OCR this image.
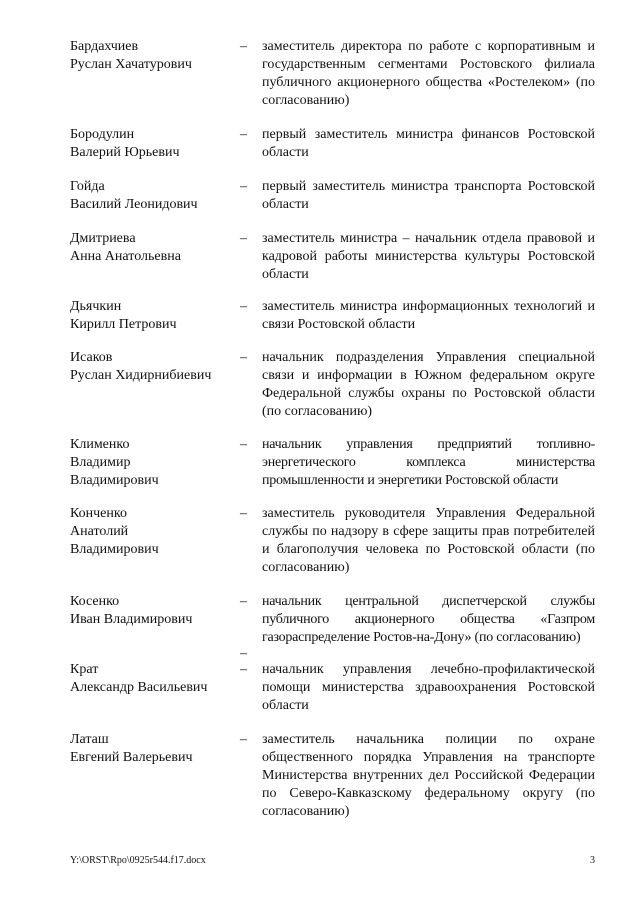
Бардахчиев
Руслан Хачатурович
–	заместитель директора по работе с корпоративным и государственным сегментами Ростовского филиала публичного акционерного общества «Ростелеком» (по согласованию)
Бородулин
Валерий Юрьевич
–	первый заместитель министра финансов Ростовской области
Гойда
Василий Леонидович
–	первый заместитель министра транспорта Ростовской области
Дмитриева
Анна Анатольевна
–	заместитель министра – начальник отдела правовой и кадровой работы министерства культуры Ростовской области
Дьячкин
Кирилл Петрович
–	заместитель министра информационных технологий и связи Ростовской области
Исаков
Руслан Хидирнибиевич
–	начальник подразделения Управления специальной связи и информации в Южном федеральном округе Федеральной службы охраны по Ростовской области (по согласованию)
Клименко
Владимир
Владимирович
–	начальник управления предприятий топливно-энергетического комплекса министерства промышленности и энергетики Ростовской области
Конченко
Анатолий
Владимирович
–	заместитель руководителя Управления Федеральной службы по надзору в сфере защиты прав потребителей и благополучия человека по Ростовской области (по согласованию)
Косенко
Иван Владимирович
–	начальник центральной диспетчерской службы публичного акционерного общества «Газпром газораспределение Ростов-на-Дону» (по согласованию)
–
Крат
Александр Васильевич
–	начальник управления лечебно-профилактической помощи министерства здравоохранения Ростовской области
Латаш
Евгений Валерьевич
–	заместитель начальника полиции по охране общественного порядка Управления на транспорте Министерства внутренних дел Российской Федерации по Северо-Кавказскому федеральному округу (по согласованию)
Y:\ORST\Rpo\0925r544.f17.docx	3
